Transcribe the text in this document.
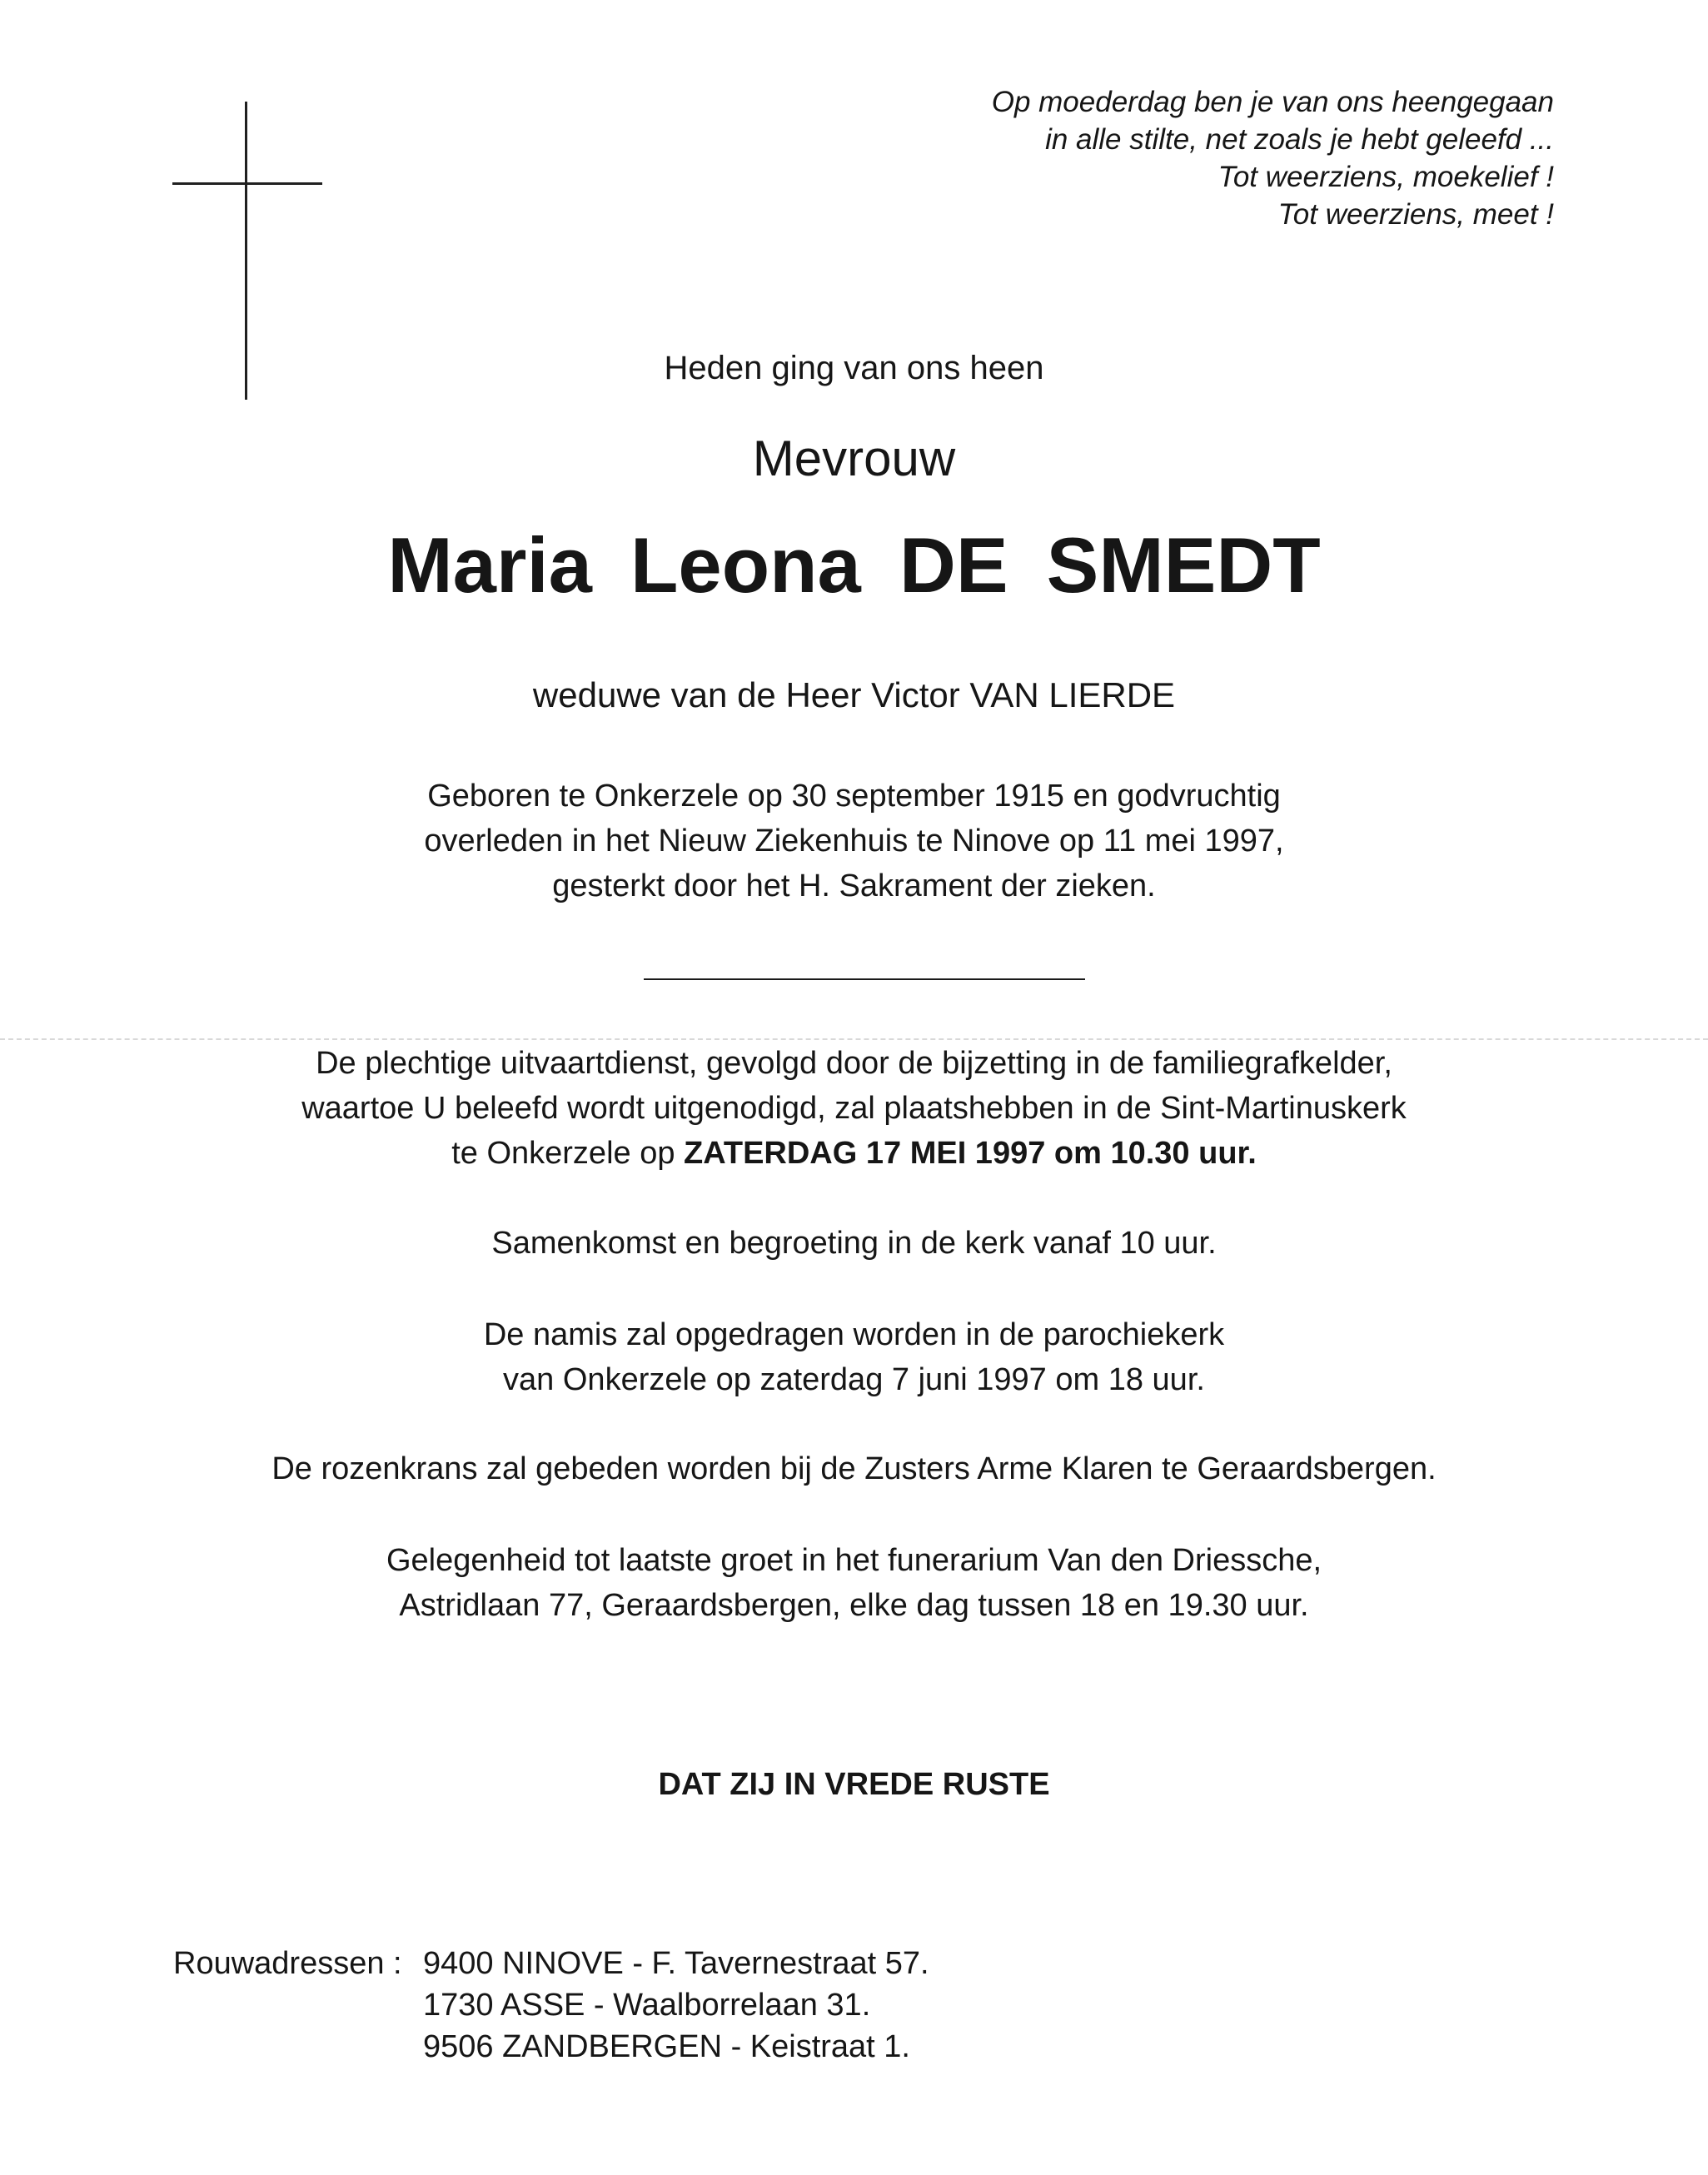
Op moederdag ben je van ons heengegaan
in alle stilte, net zoals je hebt geleefd ...
Tot weerziens, moekelief !
Tot weerziens, meet !
Heden ging van ons heen
Mevrouw
Maria Leona DE SMEDT
weduwe van de Heer Victor VAN LIERDE
Geboren te Onkerzele op 30 september 1915 en godvruchtig
overleden in het Nieuw Ziekenhuis te Ninove op 11 mei 1997,
gesterkt door het H. Sakrament der zieken.
De plechtige uitvaartdienst, gevolgd door de bijzetting in de familiegrafkelder,
waartoe U beleefd wordt uitgenodigd, zal plaatshebben in de Sint-Martinuskerk
te Onkerzele op ZATERDAG 17 MEI 1997 om 10.30 uur.
Samenkomst en begroeting in de kerk vanaf 10 uur.
De namis zal opgedragen worden in de parochiekerk
van Onkerzele op zaterdag 7 juni 1997 om 18 uur.
De rozenkrans zal gebeden worden bij de Zusters Arme Klaren te Geraardsbergen.
Gelegenheid tot laatste groet in het funerarium Van den Driessche,
Astridlaan 77, Geraardsbergen, elke dag tussen 18 en 19.30 uur.
DAT ZIJ IN VREDE RUSTE
Rouwadressen : 9400 NINOVE - F. Tavernestraat 57.
1730 ASSE - Waalborrelaan 31.
9506 ZANDBERGEN - Keistraat 1.
